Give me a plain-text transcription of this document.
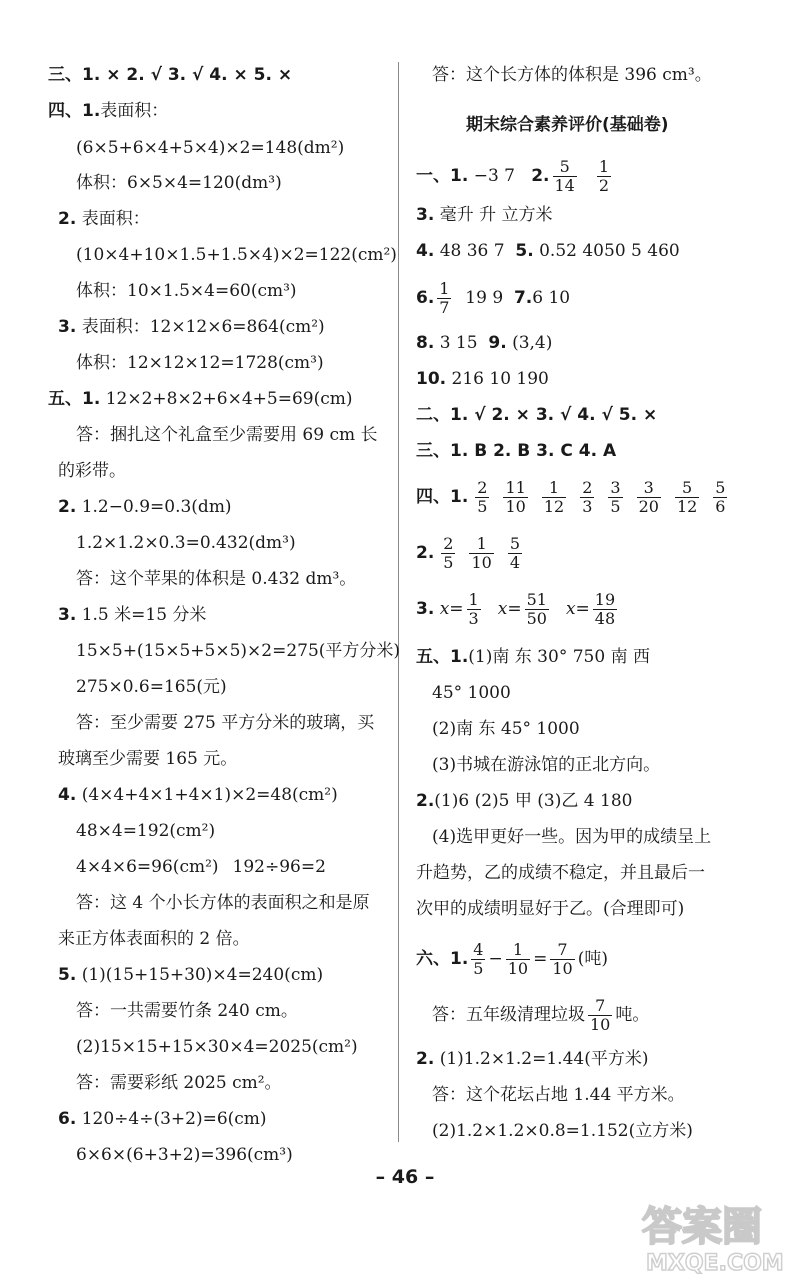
三、1. × 2. √ 3. √ 4. × 5. ×
四、1.表面积：
(6×5+6×4+5×4)×2=148(dm²)
体积：6×5×4=120(dm³)
2. 表面积：
(10×4+10×1.5+1.5×4)×2=122(cm²)
体积：10×1.5×4=60(cm³)
3. 表面积：12×12×6=864(cm²)
体积：12×12×12=1728(cm³)
五、1. 12×2+8×2+6×4+5=69(cm)
答：捆扎这个礼盒至少需要用 69 cm 长
的彩带。
2. 1.2−0.9=0.3(dm)
1.2×1.2×0.3=0.432(dm³)
答：这个苹果的体积是 0.432 dm³。
3. 1.5 米=15 分米
15×5+(15×5+5×5)×2=275(平方分米)
275×0.6=165(元)
答：至少需要 275 平方分米的玻璃，买
玻璃至少需要 165 元。
4. (4×4+4×1+4×1)×2=48(cm²)
48×4=192(cm²)
4×4×6=96(cm²) 192÷96=2
答：这 4 个小长方体的表面积之和是原
来正方体表面积的 2 倍。
5. (1)(15+15+30)×4=240(cm)
答：一共需要竹条 240 cm。
(2)15×15+15×30×4=2025(cm²)
答：需要彩纸 2025 cm²。
6. 120÷4÷(3+2)=6(cm)
6×6×(6+3+2)=396(cm³)
答：这个长方体的体积是 396 cm³。
期末综合素养评价(基础卷)
一、1.
−3 7
2. $\frac{5}{14} \frac{1}{2}$
3. 毫升 升 立方米
4. 48 36 7 5. 0.52 4050 5 460
6. $\frac{1}{7}$
19 9
7. 6 10
8. 3 15 9. (3,4)
10. 216 10 190
二、1. √ 2. × 3. √ 4. √ 5. ×
三、1. B 2. B 3. C 4. A
四、1. $\frac{2}{5} \frac{11}{10} \frac{1}{12} \frac{2}{3} \frac{3}{5} \frac{3}{20} \frac{5}{12} \frac{5}{6}$
2. $\frac{2}{5} \frac{1}{10} \frac{5}{4}$
3.
$x= \frac{1}{3} x= \frac{51}{50} x= \frac{19}{48}$
五、1.(1)南 东 30° 750 南 西
45° 1000
(2)南 东 45° 1000
(3)书城在游泳馆的正北方向。
2.(1)6 (2)5 甲 (3)乙 4 180
(4)选甲更好一些。因为甲的成绩呈上
升趋势，乙的成绩不稳定，并且最后一
次甲的成绩明显好于乙。(合理即可)
六、1. $\frac{4}{5} - \frac{1}{10} = \frac{7}{10}$ (吨)
答：五年级清理垃圾 $\frac{7}{10}$ 吨。
2. (1)1.2×1.2=1.44(平方米)
答：这个花坛占地 1.44 平方米。
(2)1.2×1.2×0.8=1.152(立方米)
– 46 –
答案圈
MXQE.COM
